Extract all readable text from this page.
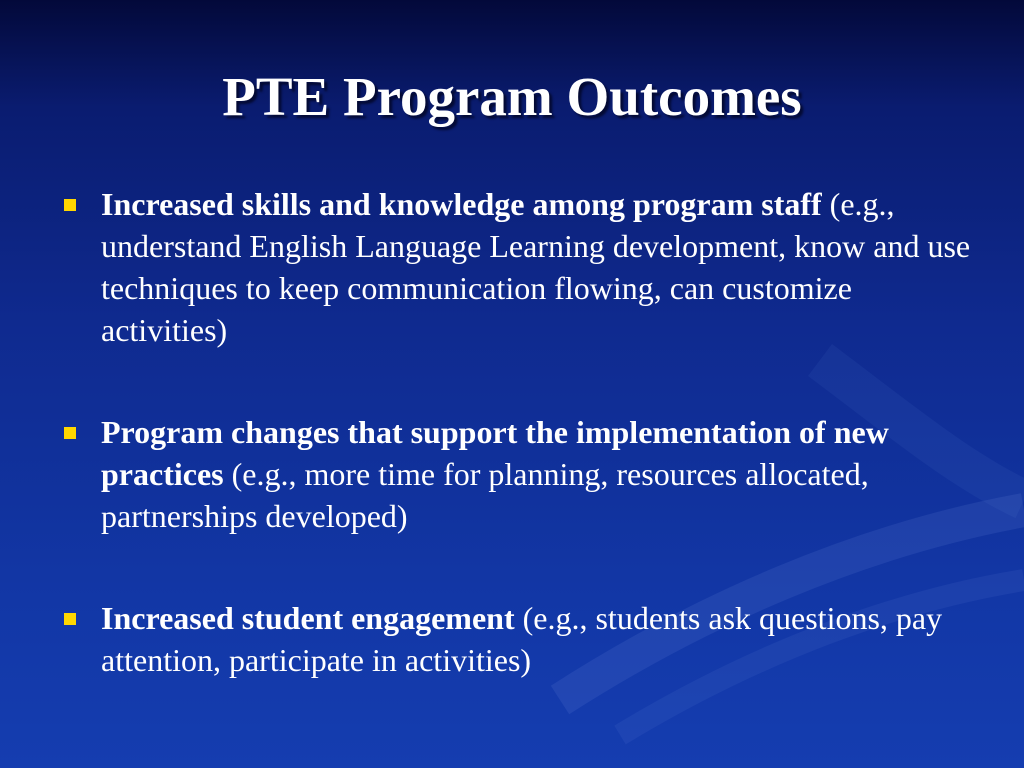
PTE Program Outcomes
Increased skills and knowledge among program staff (e.g., understand English Language Learning development, know and use techniques to keep communication flowing, can customize activities)
Program changes that support the implementation of new practices (e.g., more time for planning, resources allocated, partnerships developed)
Increased student engagement (e.g., students ask questions, pay attention, participate in activities)
